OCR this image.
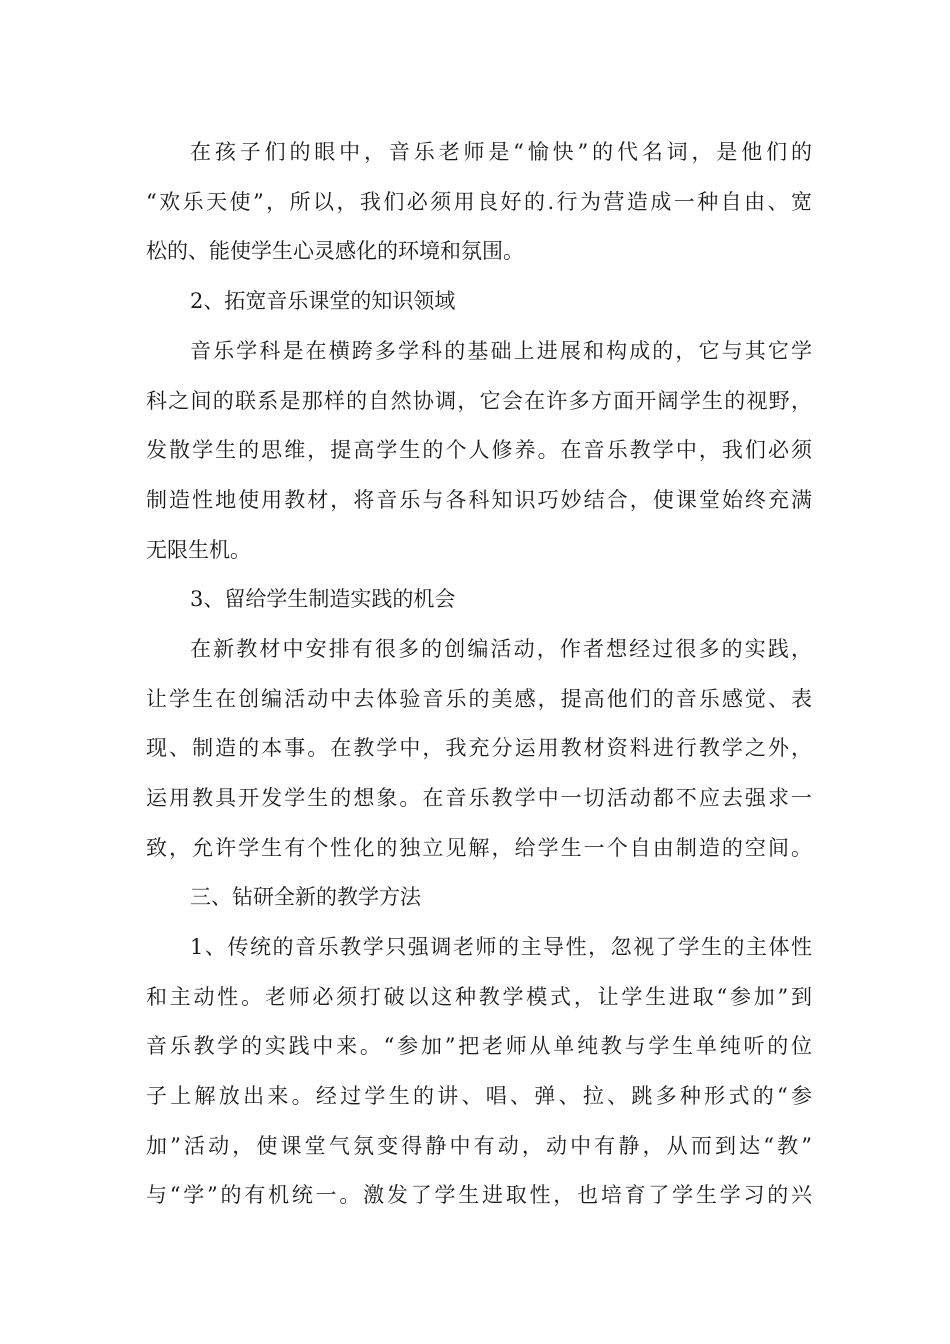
在孩子们的眼中，音乐老师是“愉快”的代名词，是他们的
“欢乐天使”，所以，我们必须用良好的.行为营造成一种自由、宽
松的、能使学生心灵感化的环境和氛围。
2、拓宽音乐课堂的知识领域
音乐学科是在横跨多学科的基础上进展和构成的，它与其它学
科之间的联系是那样的自然协调，它会在许多方面开阔学生的视野，
发散学生的思维，提高学生的个人修养。在音乐教学中，我们必须
制造性地使用教材，将音乐与各科知识巧妙结合，使课堂始终充满
无限生机。
3、留给学生制造实践的机会
在新教材中安排有很多的创编活动，作者想经过很多的实践，
让学生在创编活动中去体验音乐的美感，提高他们的音乐感觉、表
现、制造的本事。在教学中，我充分运用教材资料进行教学之外，
运用教具开发学生的想象。在音乐教学中一切活动都不应去强求一
致，允许学生有个性化的独立见解，给学生一个自由制造的空间。
三、钻研全新的教学方法
1、传统的音乐教学只强调老师的主导性，忽视了学生的主体性
和主动性。老师必须打破以这种教学模式，让学生进取“参加”到
音乐教学的实践中来。“参加”把老师从单纯教与学生单纯听的位
子上解放出来。经过学生的讲、唱、弹、拉、跳多种形式的“参
加”活动，使课堂气氛变得静中有动，动中有静，从而到达“教”
与“学”的有机统一。激发了学生进取性，也培育了学生学习的兴
